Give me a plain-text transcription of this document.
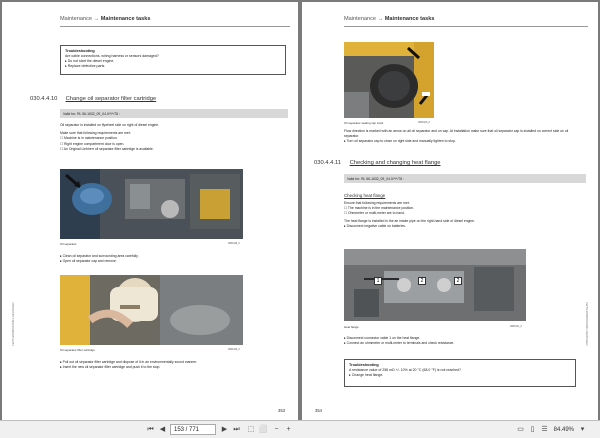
Maintenance → Maintenance tasks
Troubleshooting
Are cable connections, wiring harness or sensors damaged?
▸ Do not start the diesel engine.
▸ Replace defective parts.
030.4.4.10 Change oil separator filter cartridge
Valid for: RL 56-1632_09_04.0/*/*/78 :
Oil separator is installed on flywheel side on right of diesel engine.
Make sure that following requirements are met:
☐ Machine is in maintenance position.
☐ Right engine compartment door is open.
☐ An Original Liebherr oil separator filter cartridge is available.
Oil separator	0080118_0
▸ Clean oil separator and surrounding area carefully.
▸ Open oil separator cap and remove.
Oil separator filter cartridge	0080119_0
▸ Pull out oil separator filter cartridge and dispose of it in an environmentally sound manner.
▸ Insert the new oil separator filter cartridge and push it to the stop.
353
LWT/12008001/0001-02/2019/en
Maintenance → Maintenance tasks
Oil separator sealing cap mark	0080120_0
Flow direction is marked with an arrow on all oil separator and on cap. At installation make sure that oil separator cap is installed on correct side on oil separator.
▸ Turn oil separator cap to close on right side and manually tighten to stop.
030.4.4.11 Checking and changing heat flange
Valid for: RL 56-1632_09_04.0/*/*/78 :
Checking heat flange
Ensure that following requirements are met:
☐ The machine is in the maintenance position.
☐ Ohmmeter or multi-meter are to hand.
The heat flange is installed in the air intake pipe on the right-hand side of diesel engine.
▸ Disconnect negative cable on batteries.
1	2	2
Heat flange	0080121_0
▸ Disconnect connector cable 1 on the heat flange.
▸ Connect an ohmmeter or multi-meter to terminals and check resistance.
Troubleshooting
A resistance value of 258 mΩ +/- 10% at 20 °C (68.0 °F) is not reached?
▸ Change heat flange.
354
LWT/12008001/0001-02/2019/en
⏮ ◀	153 / 771	▶ ⏭ ⬚ ⬜	−	+	▭ ▯ ☰ 84.49% ▾
